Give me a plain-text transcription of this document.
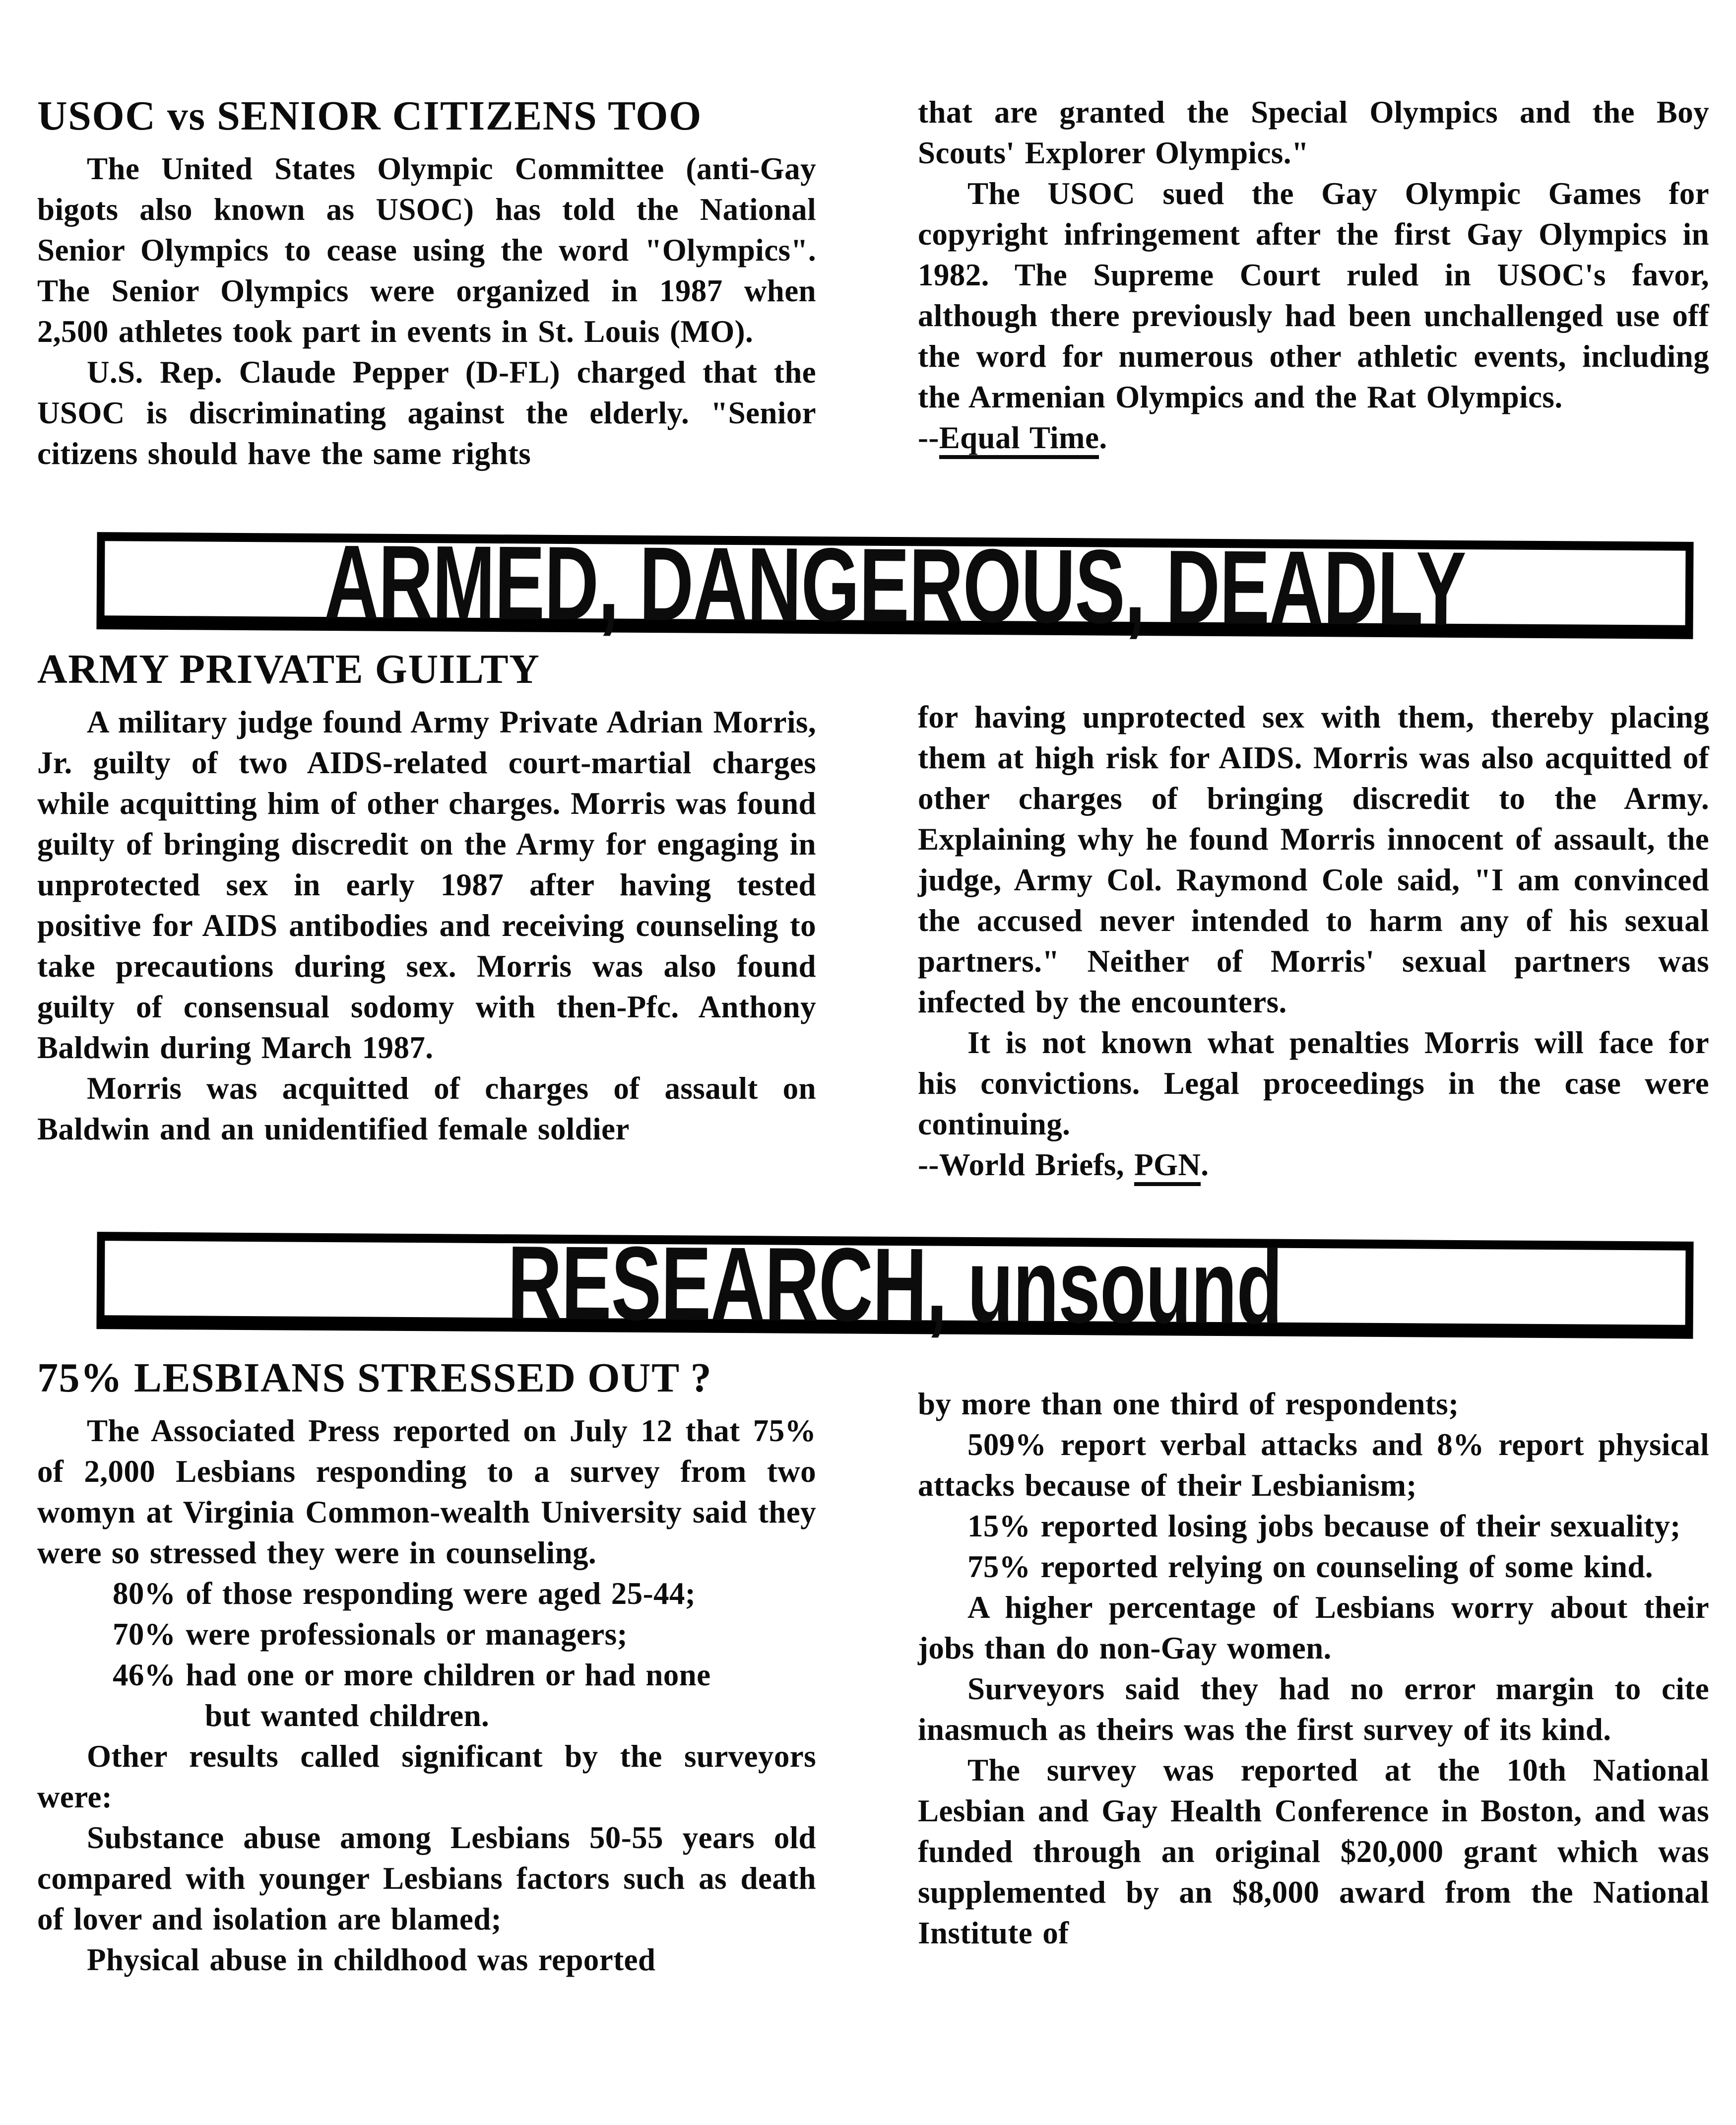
USOC vs SENIOR CITIZENS TOO

The United States Olympic Committee (anti-Gay bigots also known as USOC) has told the National Senior Olympics to cease using the word "Olympics". The Senior Olympics were organized in 1987 when 2,500 athletes took part in events in St. Louis (MO).

U.S. Rep. Claude Pepper (D-FL) charged that the USOC is discriminating against the elderly. "Senior citizens should have the same rights

that are granted the Special Olympics and the Boy Scouts' Explorer Olympics."

The USOC sued the Gay Olympic Games for copyright infringement after the first Gay Olympics in 1982. The Supreme Court ruled in USOC's favor, although there previously had been unchallenged use off the word for numerous other athletic events, including the Armenian Olympics and the Rat Olympics.

--Equal Time.

ARMED, DANGEROUS, DEADLY
ARMY PRIVATE GUILTY

A military judge found Army Private Adrian Morris, Jr. guilty of two AIDS-related court-martial charges while acquitting him of other charges. Morris was found guilty of bringing discredit on the Army for engaging in unprotected sex in early 1987 after having tested positive for AIDS antibodies and receiving counseling to take precautions during sex. Morris was also found guilty of consensual sodomy with then-Pfc. Anthony Baldwin during March 1987.

Morris was acquitted of charges of assault on Baldwin and an unidentified female soldier

for having unprotected sex with them, thereby placing them at high risk for AIDS. Morris was also acquitted of other charges of bringing discredit to the Army. Explaining why he found Morris innocent of assault, the judge, Army Col. Raymond Cole said, "I am convinced the accused never intended to harm any of his sexual partners." Neither of Morris' sexual partners was infected by the encounters.

It is not known what penalties Morris will face for his convictions. Legal proceedings in the case were continuing.

--World Briefs, PGN.

RESEARCH, unsound
75% LESBIANS STRESSED OUT ?

The Associated Press reported on July 12 that 75% of 2,000 Lesbians responding to a survey from two womyn at Virginia Common-wealth University said they were so stressed they were in counseling.

80% of those responding were aged 25-44;

70% were professionals or managers;

46% had one or more children or had none

but wanted children.

Other results called significant by the surveyors were:

Substance abuse among Lesbians 50-55 years old compared with younger Lesbians factors such as death of lover and isolation are blamed;

Physical abuse in childhood was reported

by more than one third of respondents;

509% report verbal attacks and 8% report physical attacks because of their Lesbianism;

15% reported losing jobs because of their sexuality;

75% reported relying on counseling of some kind.

A higher percentage of Lesbians worry about their jobs than do non-Gay women.

Surveyors said they had no error margin to cite inasmuch as theirs was the first survey of its kind.

The survey was reported at the 10th National Lesbian and Gay Health Conference in Boston, and was funded through an original $20,000 grant which was supplemented by an $8,000 award from the National Institute of
